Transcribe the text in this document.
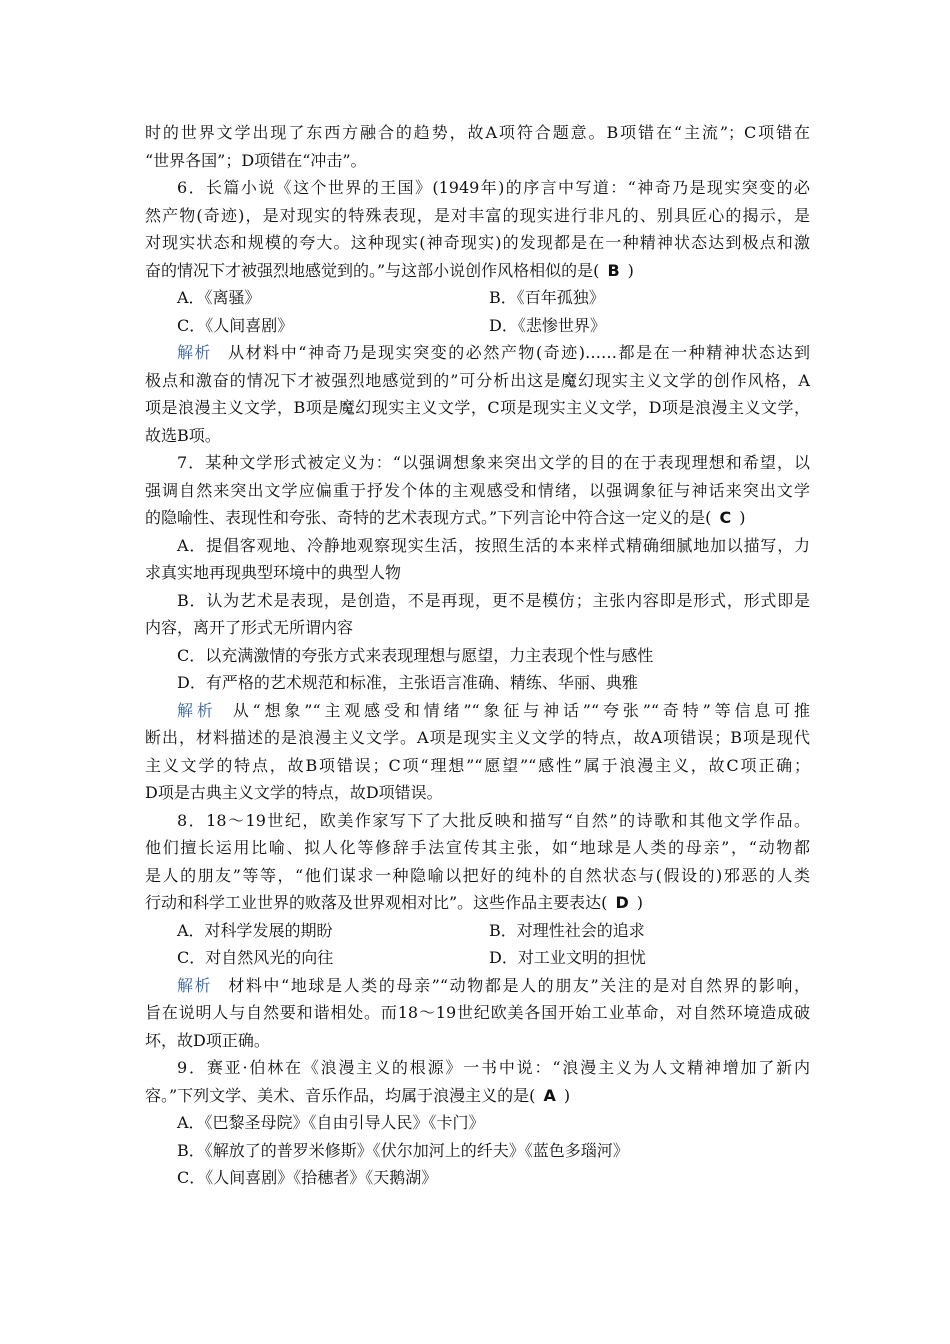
时的世界文学出现了东西方融合的趋势，故A项符合题意。B项错在“主流”；C项错在
“世界各国”；D项错在“冲击”。
6．长篇小说《这个世界的王国》(1949年)的序言中写道：“神奇乃是现实突变的必
然产物(奇迹)，是对现实的特殊表现，是对丰富的现实进行非凡的、别具匠心的揭示，是
对现实状态和规模的夸大。这种现实(神奇现实)的发现都是在一种精神状态达到极点和激
奋的情况下才被强烈地感觉到的。”与这部小说创作风格相似的是( B )
A．《离骚》	B．《百年孤独》
C．《人间喜剧》	D．《悲惨世界》
解析 从材料中“神奇乃是现实突变的必然产物(奇迹)……都是在一种精神状态达到
极点和激奋的情况下才被强烈地感觉到的”可分析出这是魔幻现实主义文学的创作风格，A
项是浪漫主义文学，B项是魔幻现实主义文学，C项是现实主义文学，D项是浪漫主义文学，
故选B项。
7．某种文学形式被定义为：“以强调想象来突出文学的目的在于表现理想和希望，以
强调自然来突出文学应偏重于抒发个体的主观感受和情绪，以强调象征与神话来突出文学
的隐喻性、表现性和夸张、奇特的艺术表现方式。”下列言论中符合这一定义的是( C )
A．提倡客观地、冷静地观察现实生活，按照生活的本来样式精确细腻地加以描写，力
求真实地再现典型环境中的典型人物
B．认为艺术是表现，是创造，不是再现，更不是模仿；主张内容即是形式，形式即是
内容，离开了形式无所谓内容
C．以充满激情的夸张方式来表现理想与愿望，力主表现个性与感性
D．有严格的艺术规范和标准，主张语言准确、精练、华丽、典雅
解析 从“想象”“主观感受和情绪”“象征与神话”“夸张”“奇特”等信息可推
断出，材料描述的是浪漫主义文学。A项是现实主义文学的特点，故A项错误；B项是现代
主义文学的特点，故B项错误；C项“理想”“愿望”“感性”属于浪漫主义，故C项正确；
D项是古典主义文学的特点，故D项错误。
8．18～19世纪，欧美作家写下了大批反映和描写“自然”的诗歌和其他文学作品。
他们擅长运用比喻、拟人化等修辞手法宣传其主张，如“地球是人类的母亲”，“动物都
是人的朋友”等等，“他们谋求一种隐喻以把好的纯朴的自然状态与(假设的)邪恶的人类
行动和科学工业世界的败落及世界观相对比”。这些作品主要表达( D )
A．对科学发展的期盼	B．对理性社会的追求
C．对自然风光的向往	D．对工业文明的担忧
解析 材料中“地球是人类的母亲”“动物都是人的朋友”关注的是对自然界的影响，
旨在说明人与自然要和谐相处。而18～19世纪欧美各国开始工业革命，对自然环境造成破
坏，故D项正确。
9．赛亚·伯林在《浪漫主义的根源》一书中说：“浪漫主义为人文精神增加了新内
容。”下列文学、美术、音乐作品，均属于浪漫主义的是( A )
A．《巴黎圣母院》《自由引导人民》《卡门》
B．《解放了的普罗米修斯》《伏尔加河上的纤夫》《蓝色多瑙河》
C．《人间喜剧》《拾穗者》《天鹅湖》
